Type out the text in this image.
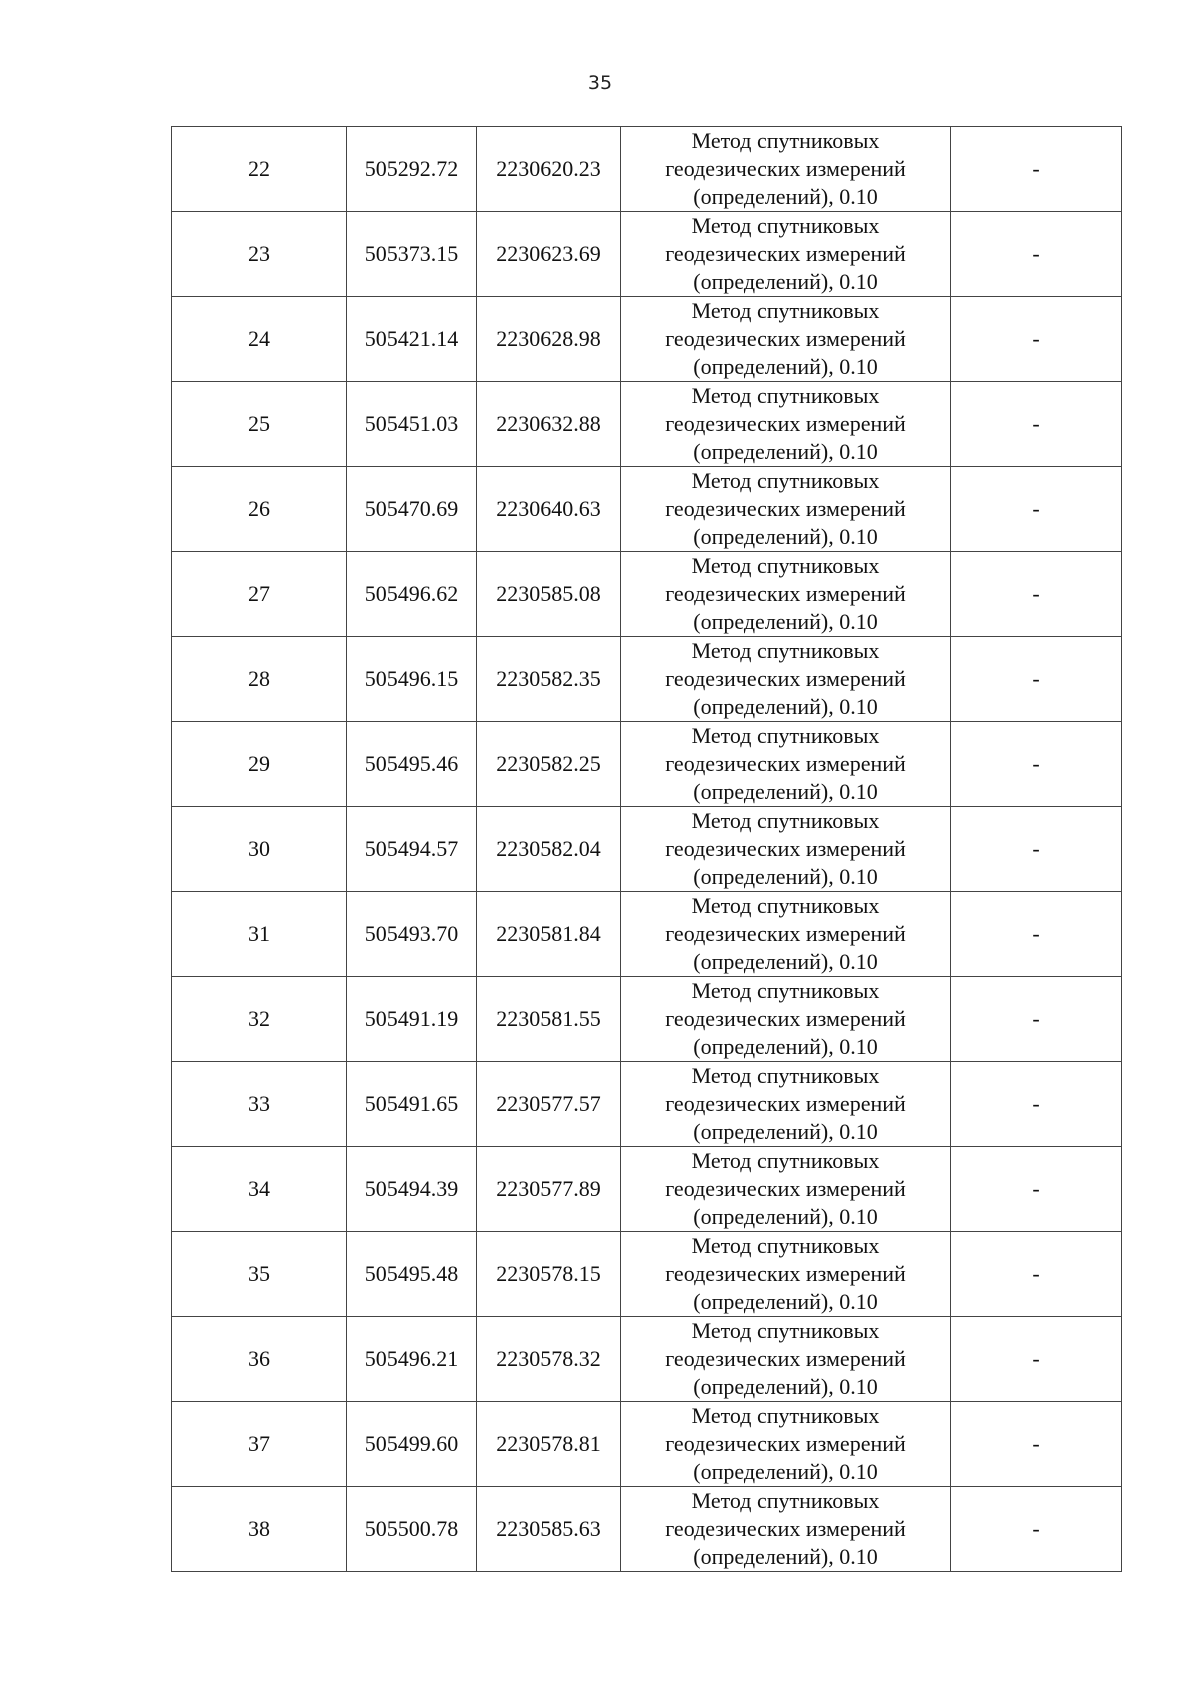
35
22	505292.72	2230620.23	Метод спутниковых
геодезических измерений
(определений), 0.10	-
23	505373.15	2230623.69	Метод спутниковых
геодезических измерений
(определений), 0.10	-
24	505421.14	2230628.98	Метод спутниковых
геодезических измерений
(определений), 0.10	-
25	505451.03	2230632.88	Метод спутниковых
геодезических измерений
(определений), 0.10	-
26	505470.69	2230640.63	Метод спутниковых
геодезических измерений
(определений), 0.10	-
27	505496.62	2230585.08	Метод спутниковых
геодезических измерений
(определений), 0.10	-
28	505496.15	2230582.35	Метод спутниковых
геодезических измерений
(определений), 0.10	-
29	505495.46	2230582.25	Метод спутниковых
геодезических измерений
(определений), 0.10	-
30	505494.57	2230582.04	Метод спутниковых
геодезических измерений
(определений), 0.10	-
31	505493.70	2230581.84	Метод спутниковых
геодезических измерений
(определений), 0.10	-
32	505491.19	2230581.55	Метод спутниковых
геодезических измерений
(определений), 0.10	-
33	505491.65	2230577.57	Метод спутниковых
геодезических измерений
(определений), 0.10	-
34	505494.39	2230577.89	Метод спутниковых
геодезических измерений
(определений), 0.10	-
35	505495.48	2230578.15	Метод спутниковых
геодезических измерений
(определений), 0.10	-
36	505496.21	2230578.32	Метод спутниковых
геодезических измерений
(определений), 0.10	-
37	505499.60	2230578.81	Метод спутниковых
геодезических измерений
(определений), 0.10	-
38	505500.78	2230585.63	Метод спутниковых
геодезических измерений
(определений), 0.10	-
